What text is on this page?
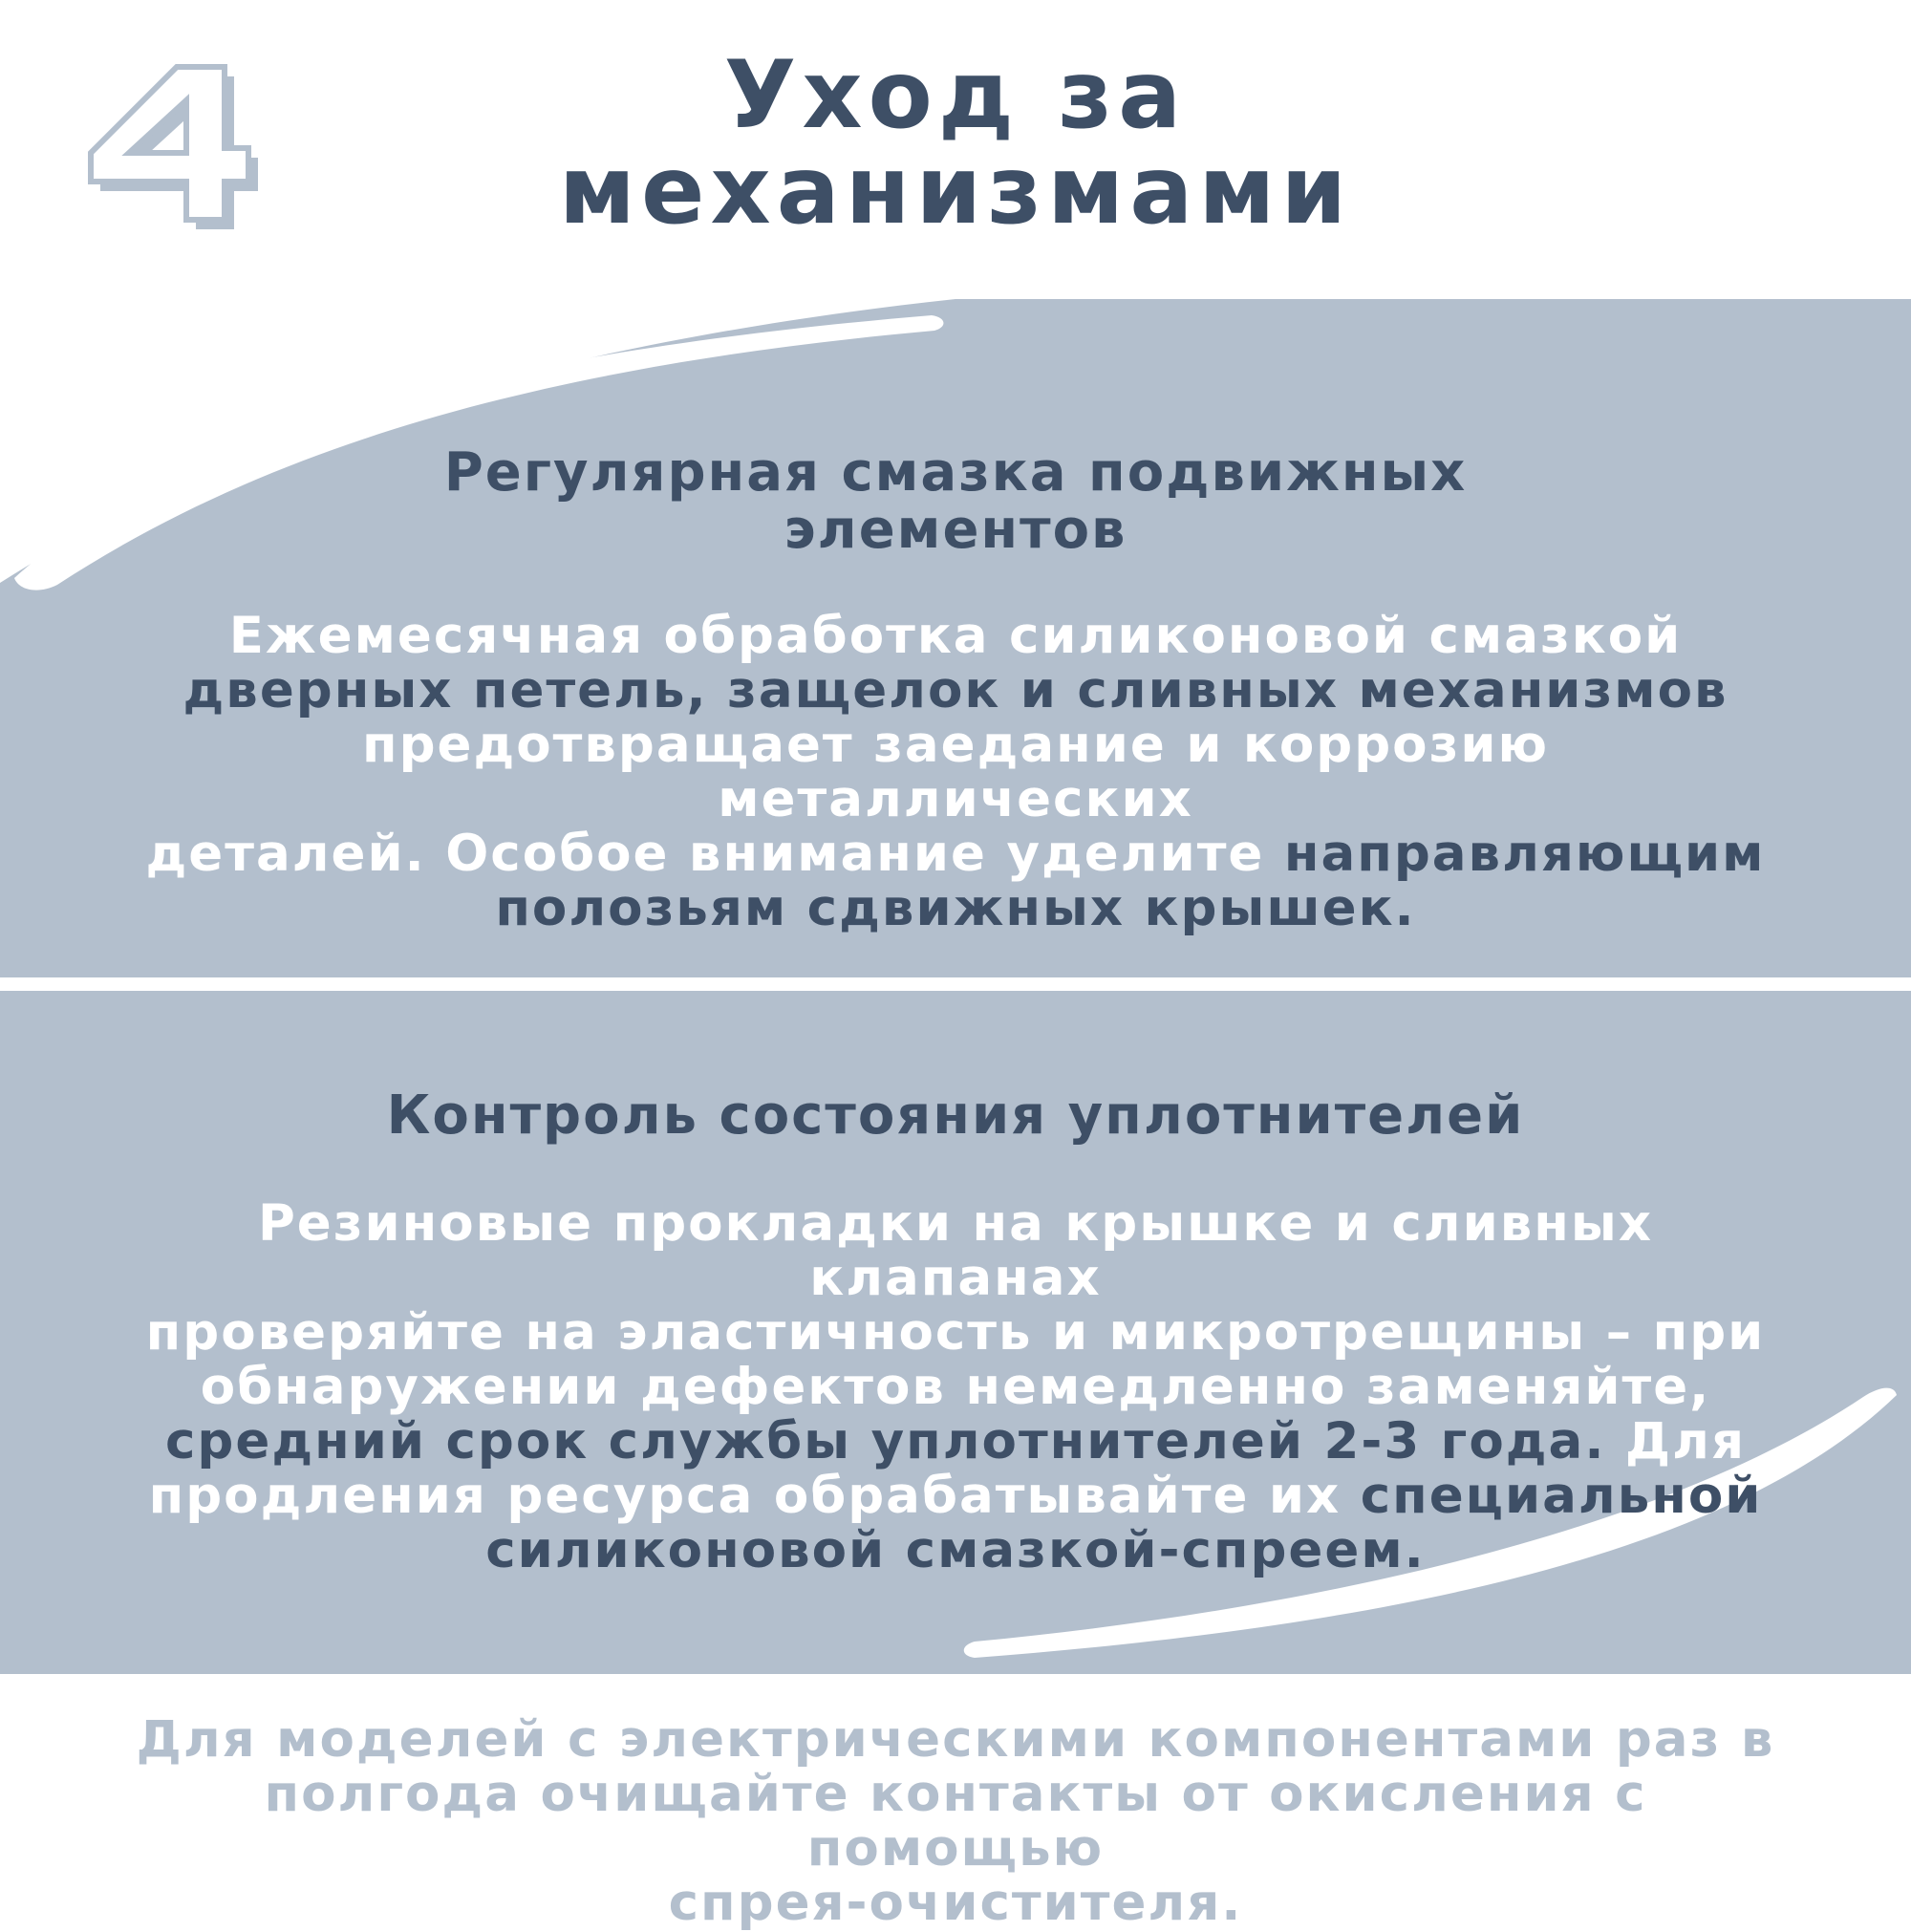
Уход за
механизмами
Регулярная смазка подвижных
элементов

Ежемесячная обработка силиконовой смазкой
дверных петель, защелок и сливных механизмов
предотвращает заедание и коррозию металлических
деталей. Особое внимание уделите направляющим
полозьям сдвижных крышек.

Контроль состояния уплотнителей

Резиновые прокладки на крышке и сливных клапанах
проверяйте на эластичность и микротрещины – при
обнаружении дефектов немедленно заменяйте,
средний срок службы уплотнителей 2-3 года. Для
продления ресурса обрабатывайте их специальной
силиконовой смазкой-спреем.

Для моделей с электрическими компонентами раз в
полгода очищайте контакты от окисления с помощью
спрея-очистителя.
